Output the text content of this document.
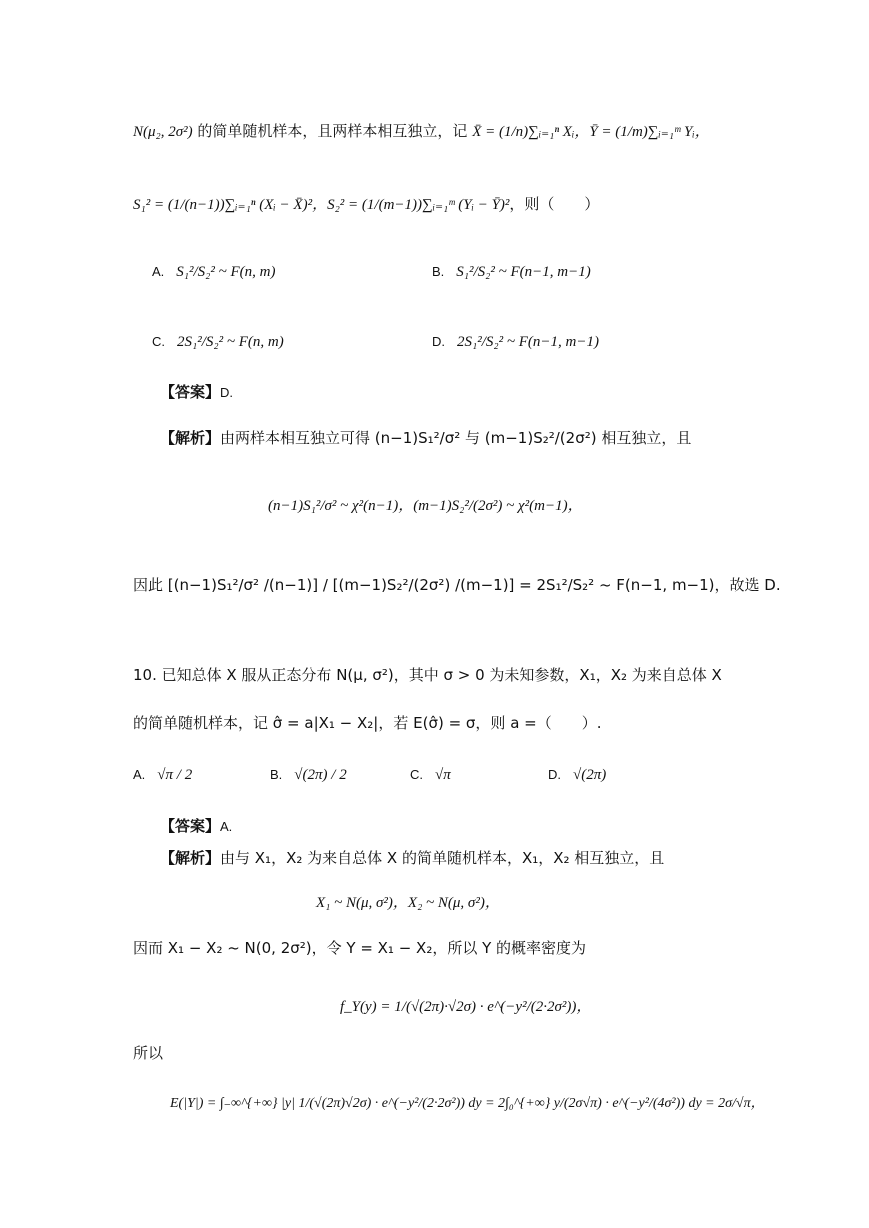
N(μ₂, 2σ²) 的简单随机样本，且两样本相互独立，记 X̄ = (1/n)∑ᵢ₌₁ⁿ Xᵢ，Ȳ = (1/m)∑ᵢ₌₁ᵐ Yᵢ，
S₁² = (1/(n−1))∑ᵢ₌₁ⁿ (Xᵢ − X̄)²，S₂² = (1/(m−1))∑ᵢ₌₁ᵐ (Yᵢ − Ȳ)²，则（　　）
A. S₁²/S₂² ~ F(n, m)	B. S₁²/S₂² ~ F(n−1, m−1)
C. 2S₁²/S₂² ~ F(n, m)	D. 2S₁²/S₂² ~ F(n−1, m−1)
【答案】D.
【解析】由两样本相互独立可得 (n−1)S₁²/σ² 与 (m−1)S₂²/(2σ²) 相互独立，且
(n−1)S₁²/σ² ~ χ²(n−1)，(m−1)S₂²/(2σ²) ~ χ²(m−1)，
因此 [(n−1)S₁²/σ² /(n−1)] / [(m−1)S₂²/(2σ²) /(m−1)] = 2S₁²/S₂² ~ F(n−1, m−1)，故选 D.
10. 已知总体 X 服从正态分布 N(μ, σ²)，其中 σ > 0 为未知参数，X₁，X₂ 为来自总体 X
的简单随机样本，记 σ̂ = a|X₁ − X₂|，若 E(σ̂) = σ，则 a =（　　）.
A. √π / 2	B. √(2π) / 2	C. √π	D. √(2π)
【答案】A.
【解析】由与 X₁，X₂ 为来自总体 X 的简单随机样本，X₁，X₂ 相互独立，且
X₁ ~ N(μ, σ²)，X₂ ~ N(μ, σ²)，
因而 X₁ − X₂ ~ N(0, 2σ²)，令 Y = X₁ − X₂，所以 Y 的概率密度为
f_Y(y) = 1/(√(2π)·√2σ) · e^(−y²/(2·2σ²))，
所以
E(|Y|) = ∫₋∞^{+∞} |y| 1/(√(2π)√2σ) · e^(−y²/(2·2σ²)) dy = 2∫₀^{+∞} y/(2σ√π) · e^(−y²/(4σ²)) dy = 2σ/√π，
